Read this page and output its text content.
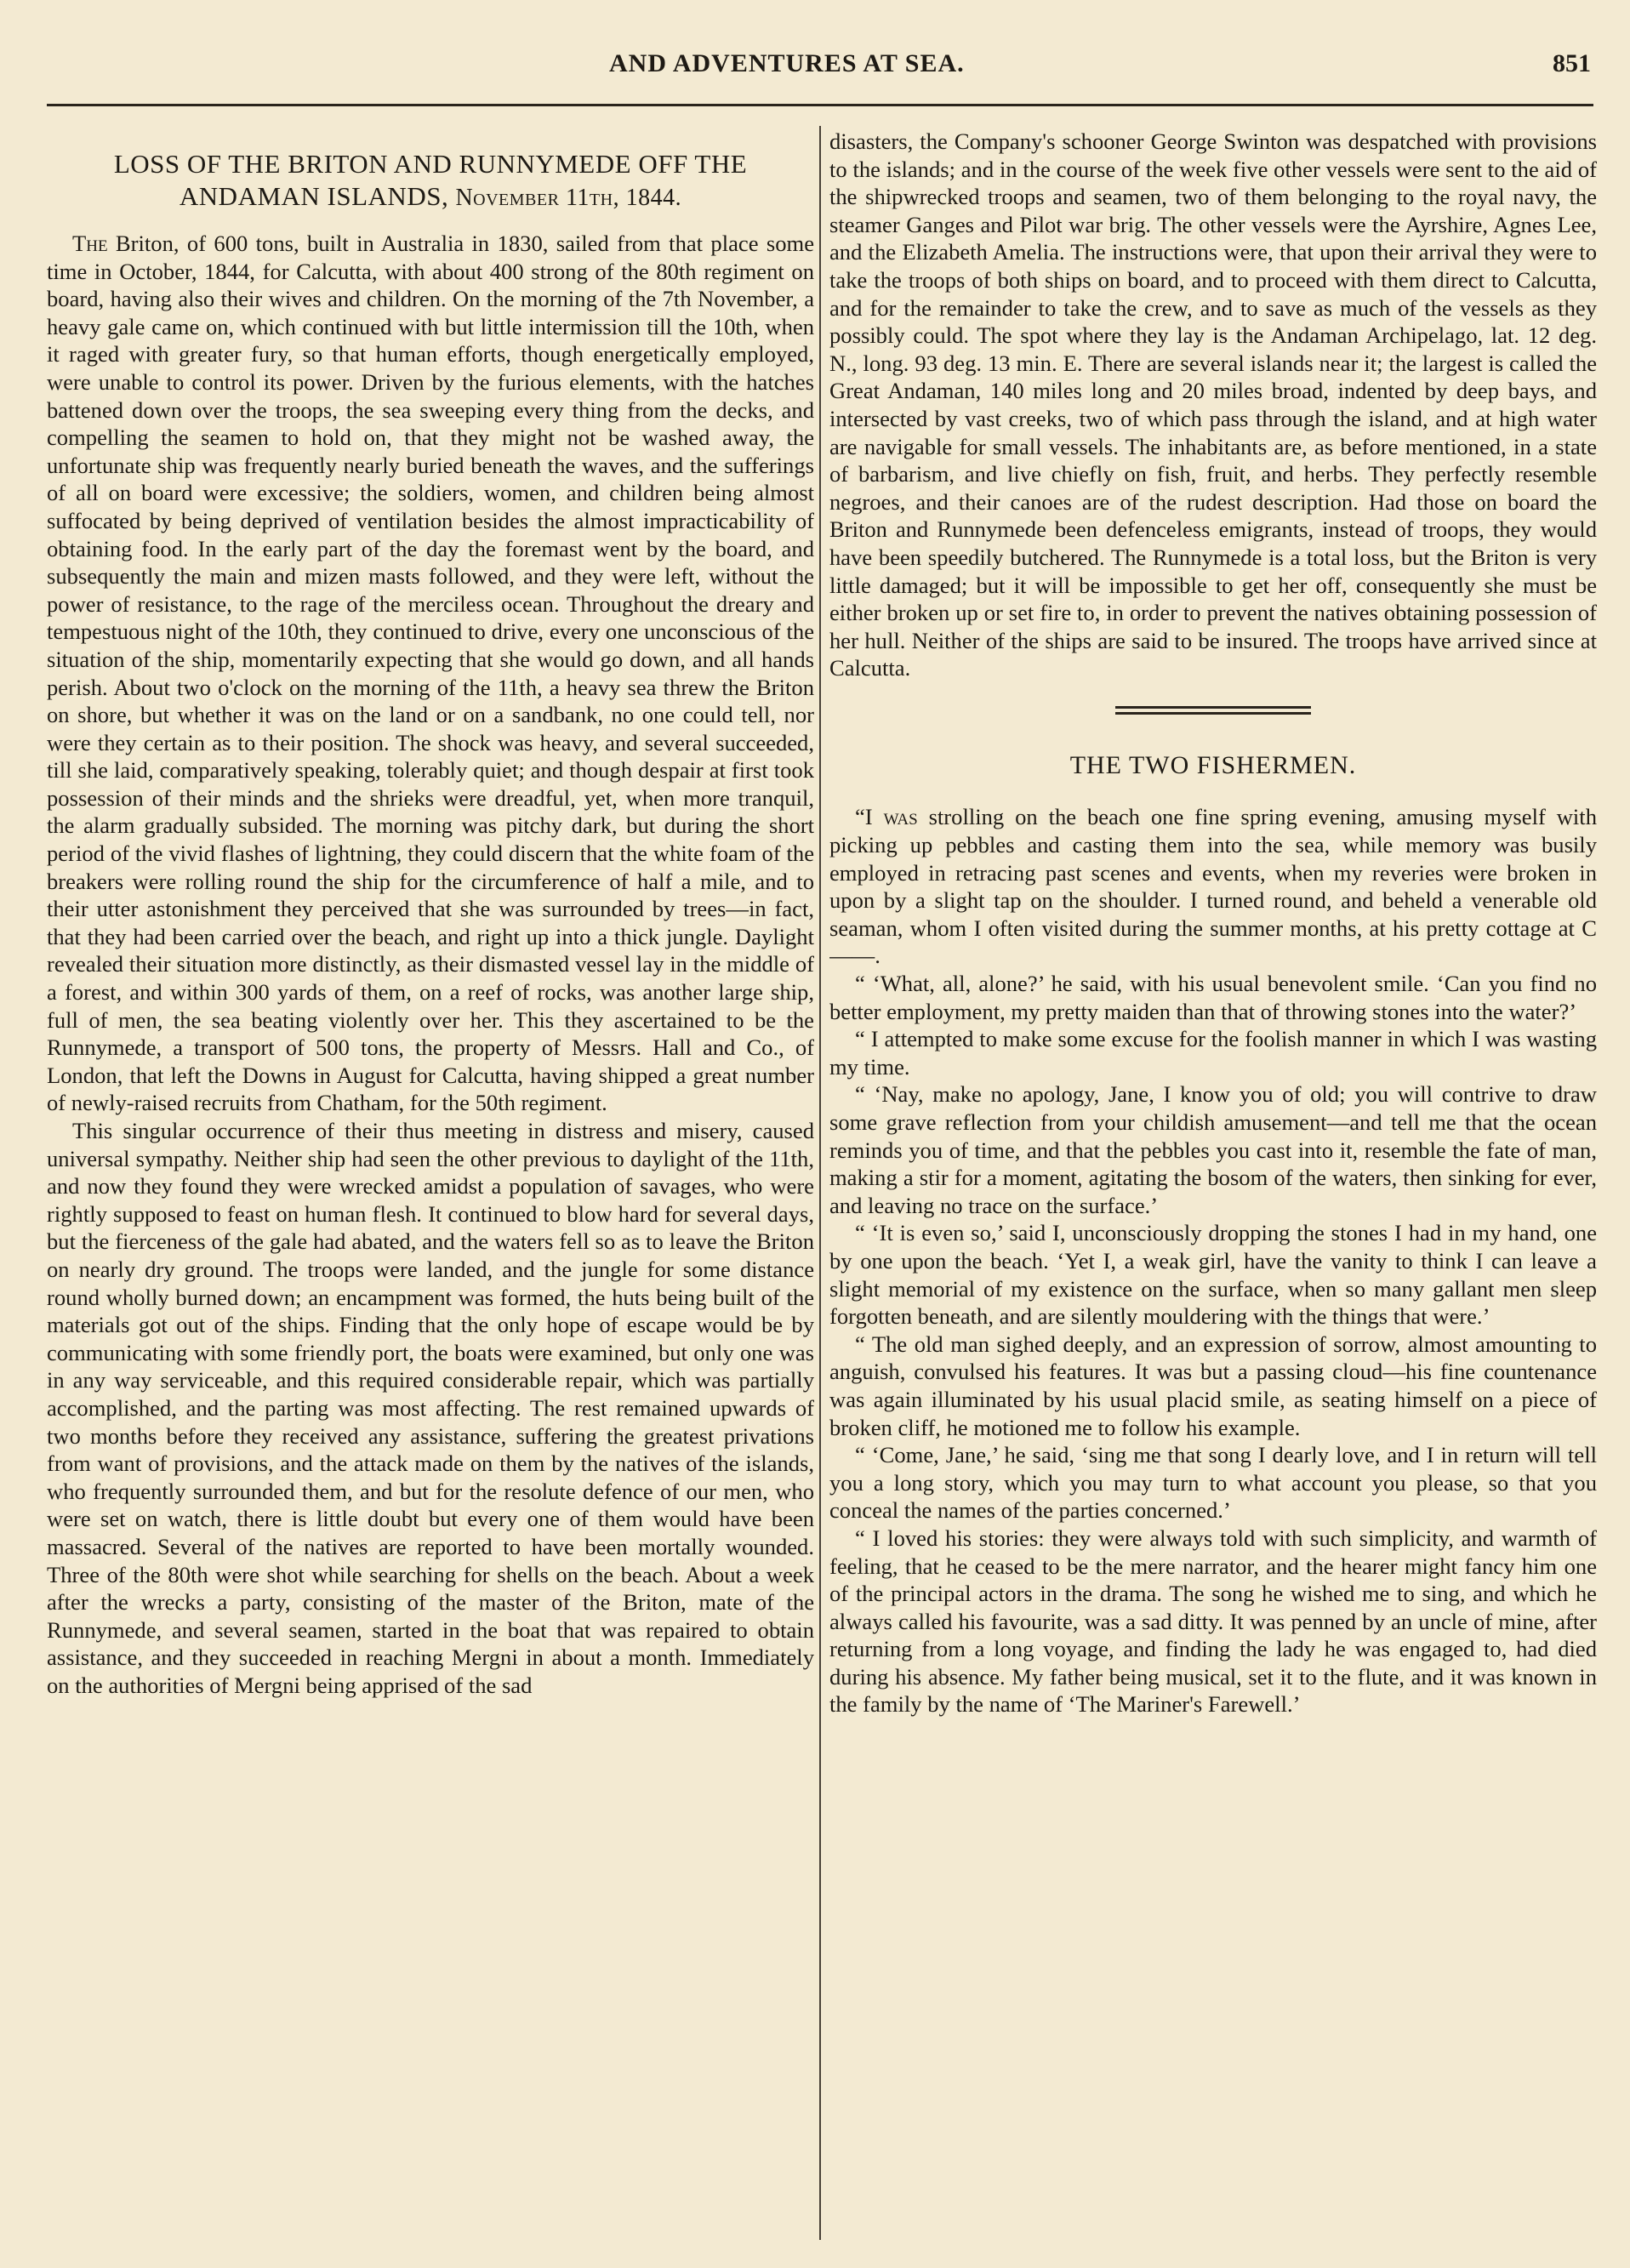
AND ADVENTURES AT SEA.	851
LOSS OF THE BRITON AND RUNNYMEDE OFF THE ANDAMAN ISLANDS, November 11th, 1844.

The Briton, of 600 tons, built in Australia in 1830, sailed from that place some time in October, 1844, for Calcutta, with about 400 strong of the 80th regiment on board, having also their wives and children. On the morning of the 7th November, a heavy gale came on, which continued with but little intermission till the 10th, when it raged with greater fury, so that human efforts, though energetically employed, were unable to control its power. Driven by the furious elements, with the hatches battened down over the troops, the sea sweeping every thing from the decks, and compelling the seamen to hold on, that they might not be washed away, the unfortunate ship was frequently nearly buried beneath the waves, and the sufferings of all on board were excessive; the soldiers, women, and children being almost suffocated by being deprived of ventilation besides the almost impracticability of obtaining food. In the early part of the day the foremast went by the board, and subsequently the main and mizen masts followed, and they were left, without the power of resistance, to the rage of the merciless ocean. Throughout the dreary and tempestuous night of the 10th, they continued to drive, every one unconscious of the situation of the ship, momentarily expecting that she would go down, and all hands perish. About two o'clock on the morning of the 11th, a heavy sea threw the Briton on shore, but whether it was on the land or on a sandbank, no one could tell, nor were they certain as to their position. The shock was heavy, and several succeeded, till she laid, comparatively speaking, tolerably quiet; and though despair at first took possession of their minds and the shrieks were dreadful, yet, when more tranquil, the alarm gradually subsided. The morning was pitchy dark, but during the short period of the vivid flashes of lightning, they could discern that the white foam of the breakers were rolling round the ship for the circumference of half a mile, and to their utter astonishment they perceived that she was surrounded by trees—in fact, that they had been carried over the beach, and right up into a thick jungle. Daylight revealed their situation more distinctly, as their dismasted vessel lay in the middle of a forest, and within 300 yards of them, on a reef of rocks, was another large ship, full of men, the sea beating violently over her. This they ascertained to be the Runnymede, a transport of 500 tons, the property of Messrs. Hall and Co., of London, that left the Downs in August for Calcutta, having shipped a great number of newly-raised recruits from Chatham, for the 50th regiment.

This singular occurrence of their thus meeting in distress and misery, caused universal sympathy. Neither ship had seen the other previous to daylight of the 11th, and now they found they were wrecked amidst a population of savages, who were rightly supposed to feast on human flesh. It continued to blow hard for several days, but the fierceness of the gale had abated, and the waters fell so as to leave the Briton on nearly dry ground. The troops were landed, and the jungle for some distance round wholly burned down; an encampment was formed, the huts being built of the materials got out of the ships. Finding that the only hope of escape would be by communicating with some friendly port, the boats were examined, but only one was in any way serviceable, and this required considerable repair, which was partially accomplished, and the parting was most affecting. The rest remained upwards of two months before they received any assistance, suffering the greatest privations from want of provisions, and the attack made on them by the natives of the islands, who frequently surrounded them, and but for the resolute defence of our men, who were set on watch, there is little doubt but every one of them would have been massacred. Several of the natives are reported to have been mortally wounded. Three of the 80th were shot while searching for shells on the beach. About a week after the wrecks a party, consisting of the master of the Briton, mate of the Runnymede, and several seamen, started in the boat that was repaired to obtain assistance, and they succeeded in reaching Mergni in about a month. Immediately on the authorities of Mergni being apprised of the sad

disasters, the Company's schooner George Swinton was despatched with provisions to the islands; and in the course of the week five other vessels were sent to the aid of the shipwrecked troops and seamen, two of them belonging to the royal navy, the steamer Ganges and Pilot war brig. The other vessels were the Ayrshire, Agnes Lee, and the Elizabeth Amelia. The instructions were, that upon their arrival they were to take the troops of both ships on board, and to proceed with them direct to Calcutta, and for the remainder to take the crew, and to save as much of the vessels as they possibly could. The spot where they lay is the Andaman Archipelago, lat. 12 deg. N., long. 93 deg. 13 min. E. There are several islands near it; the largest is called the Great Andaman, 140 miles long and 20 miles broad, indented by deep bays, and intersected by vast creeks, two of which pass through the island, and at high water are navigable for small vessels. The inhabitants are, as before mentioned, in a state of barbarism, and live chiefly on fish, fruit, and herbs. They perfectly resemble negroes, and their canoes are of the rudest description. Had those on board the Briton and Runnymede been defenceless emigrants, instead of troops, they would have been speedily butchered. The Runnymede is a total loss, but the Briton is very little damaged; but it will be impossible to get her off, consequently she must be either broken up or set fire to, in order to prevent the natives obtaining possession of her hull. Neither of the ships are said to be insured. The troops have arrived since at Calcutta.

THE TWO FISHERMEN.

“I was strolling on the beach one fine spring evening, amusing myself with picking up pebbles and casting them into the sea, while memory was busily employed in retracing past scenes and events, when my reveries were broken in upon by a slight tap on the shoulder. I turned round, and beheld a venerable old seaman, whom I often visited during the summer months, at his pretty cottage at C——.

“ ‘What, all, alone?’ he said, with his usual benevolent smile. ‘Can you find no better employment, my pretty maiden than that of throwing stones into the water?’

“ I attempted to make some excuse for the foolish manner in which I was wasting my time.

“ ‘Nay, make no apology, Jane, I know you of old; you will contrive to draw some grave reflection from your childish amusement—and tell me that the ocean reminds you of time, and that the pebbles you cast into it, resemble the fate of man, making a stir for a moment, agitating the bosom of the waters, then sinking for ever, and leaving no trace on the surface.’

“ ‘It is even so,’ said I, unconsciously dropping the stones I had in my hand, one by one upon the beach. ‘Yet I, a weak girl, have the vanity to think I can leave a slight memorial of my existence on the surface, when so many gallant men sleep forgotten beneath, and are silently mouldering with the things that were.’

“ The old man sighed deeply, and an expression of sorrow, almost amounting to anguish, convulsed his features. It was but a passing cloud—his fine countenance was again illuminated by his usual placid smile, as seating himself on a piece of broken cliff, he motioned me to follow his example.

“ ‘Come, Jane,’ he said, ‘sing me that song I dearly love, and I in return will tell you a long story, which you may turn to what account you please, so that you conceal the names of the parties concerned.’

“ I loved his stories: they were always told with such simplicity, and warmth of feeling, that he ceased to be the mere narrator, and the hearer might fancy him one of the principal actors in the drama. The song he wished me to sing, and which he always called his favourite, was a sad ditty. It was penned by an uncle of mine, after returning from a long voyage, and finding the lady he was engaged to, had died during his absence. My father being musical, set it to the flute, and it was known in the family by the name of ‘The Mariner's Farewell.’
